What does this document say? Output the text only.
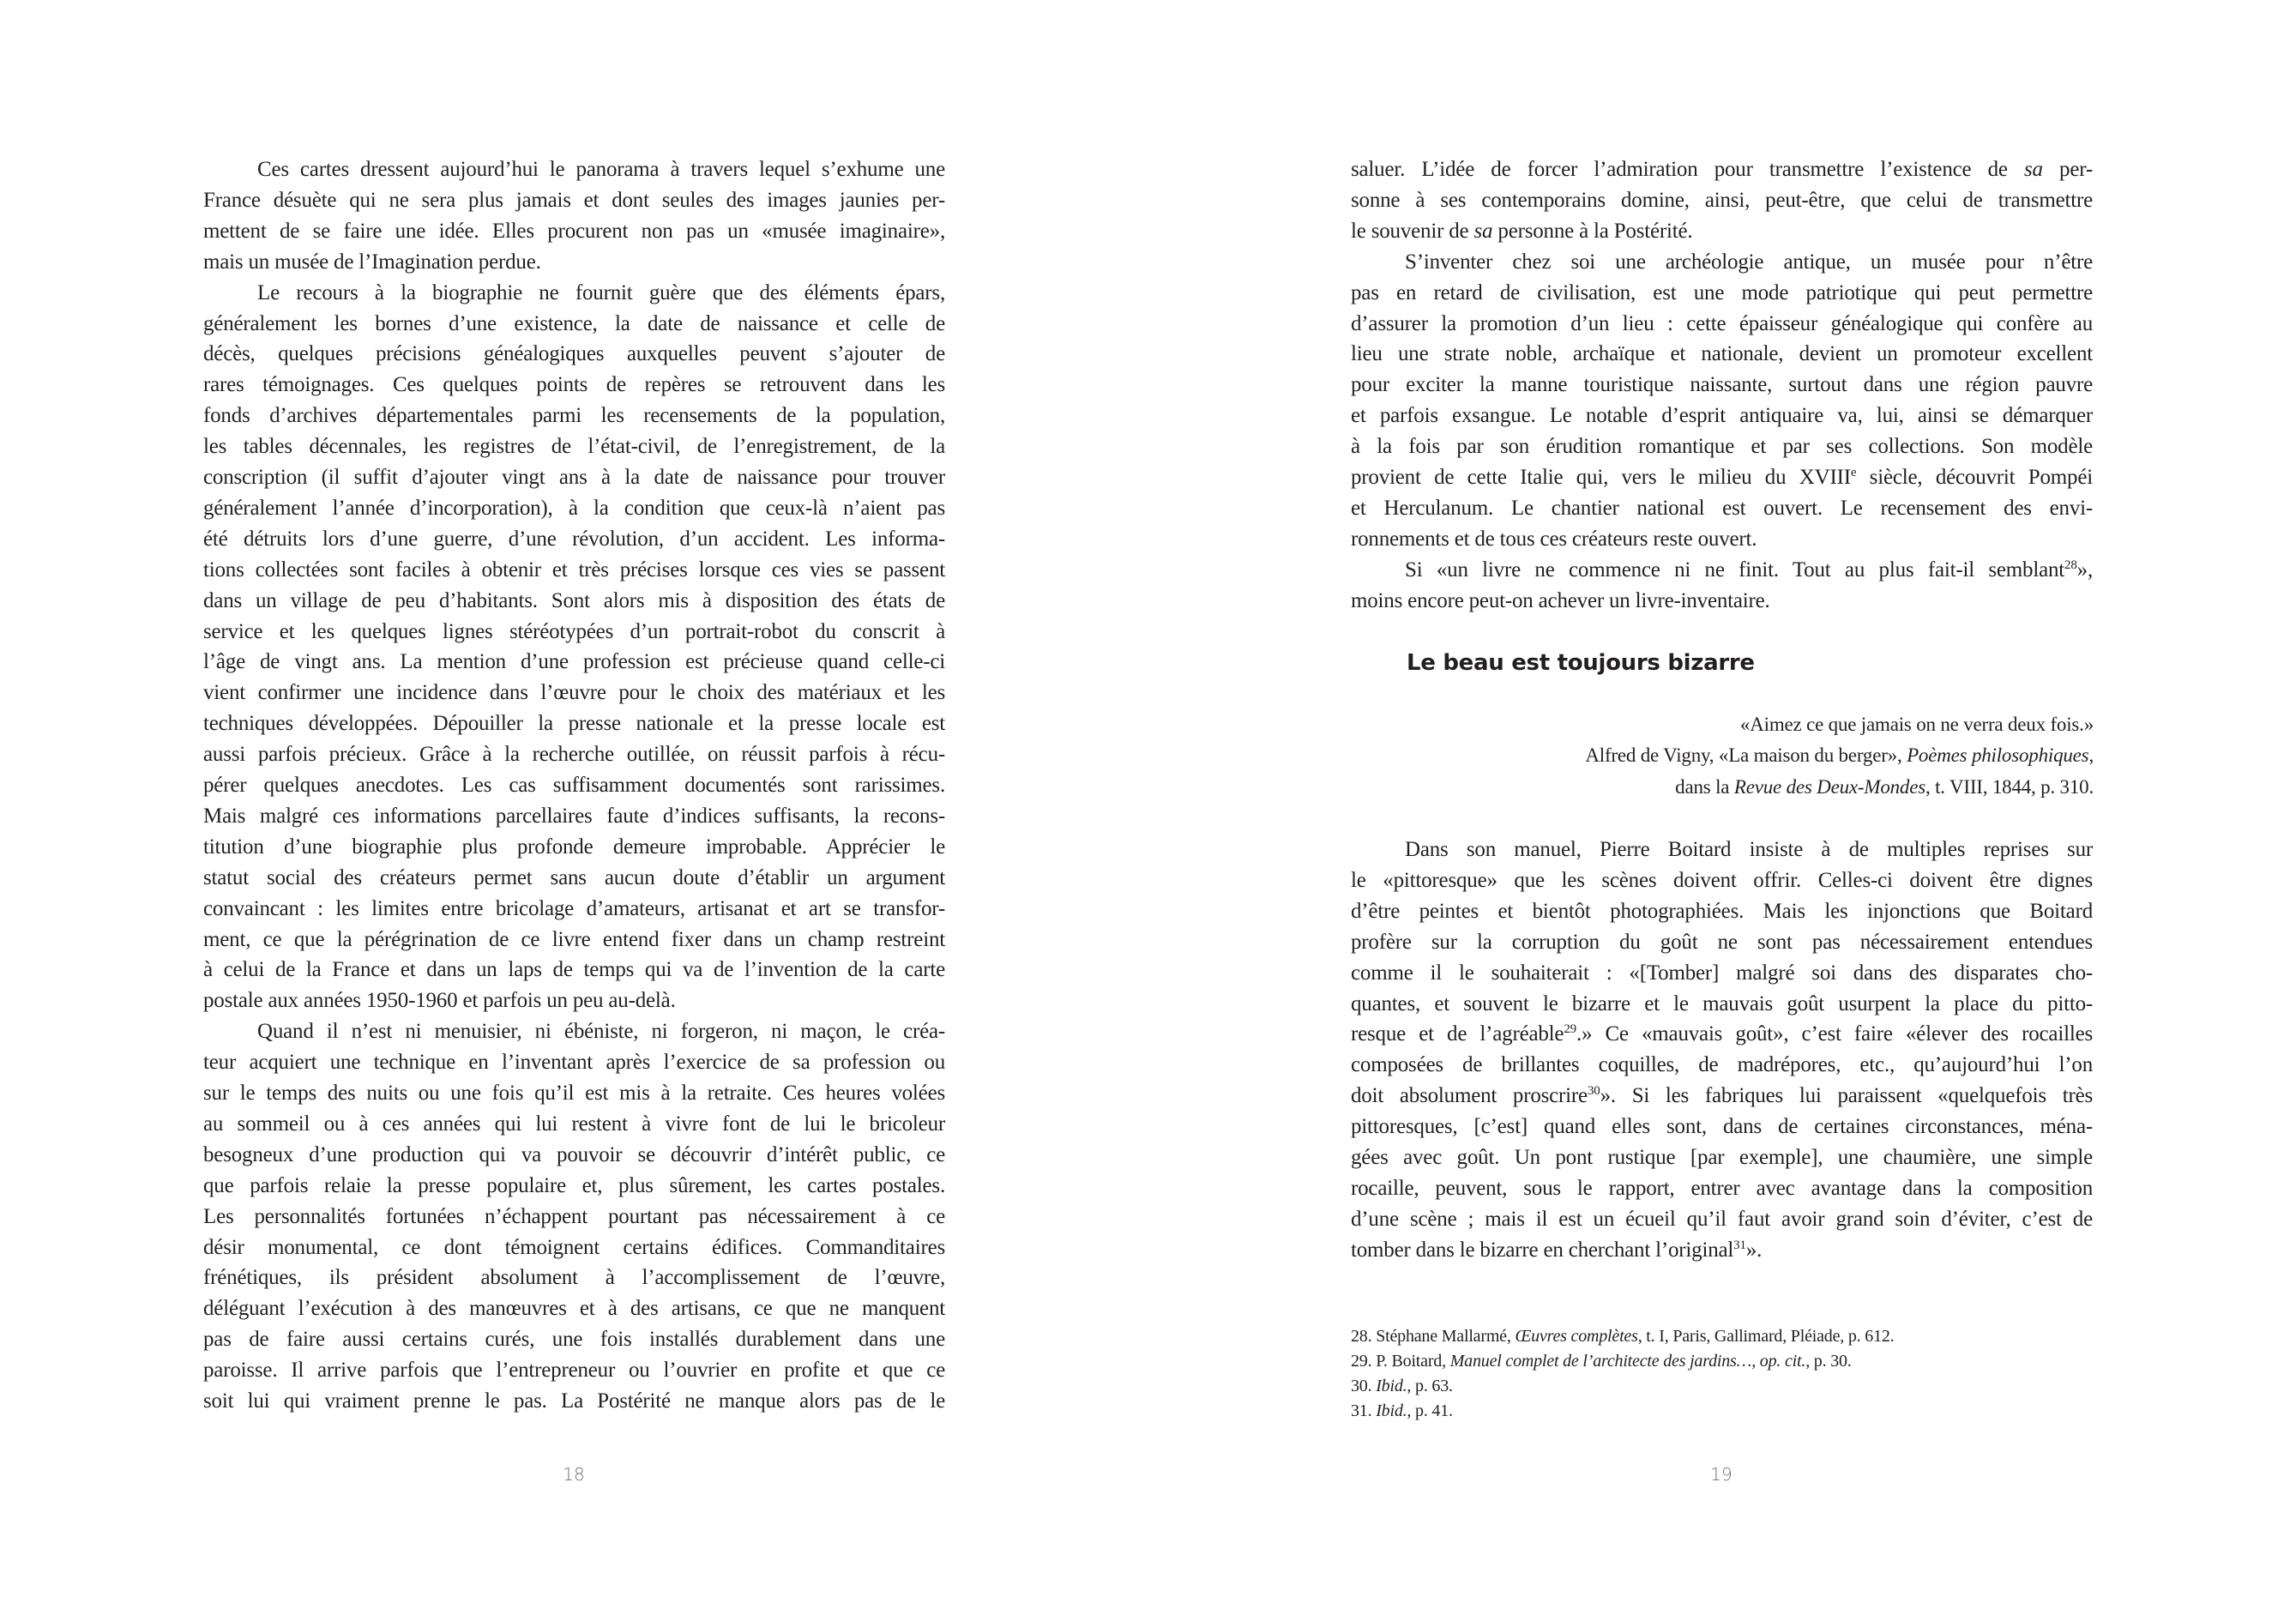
Ces cartes dressent aujourd’hui le panorama à travers lequel s’exhume une
France désuète qui ne sera plus jamais et dont seules des images jaunies per-
mettent de se faire une idée. Elles procurent non pas un «musée imaginaire»,
mais un musée de l’Imagination perdue.
Le recours à la biographie ne fournit guère que des éléments épars,
généralement les bornes d’une existence, la date de naissance et celle de
décès, quelques précisions généalogiques auxquelles peuvent s’ajouter de
rares témoignages. Ces quelques points de repères se retrouvent dans les
fonds d’archives départementales parmi les recensements de la population,
les tables décennales, les registres de l’état-civil, de l’enregistrement, de la
conscription (il suffit d’ajouter vingt ans à la date de naissance pour trouver
généralement l’année d’incorporation), à la condition que ceux-là n’aient pas
été détruits lors d’une guerre, d’une révolution, d’un accident. Les informa-
tions collectées sont faciles à obtenir et très précises lorsque ces vies se passent
dans un village de peu d’habitants. Sont alors mis à disposition des états de
service et les quelques lignes stéréotypées d’un portrait-robot du conscrit à
l’âge de vingt ans. La mention d’une profession est précieuse quand celle-ci
vient confirmer une incidence dans l’œuvre pour le choix des matériaux et les
techniques développées. Dépouiller la presse nationale et la presse locale est
aussi parfois précieux. Grâce à la recherche outillée, on réussit parfois à récu-
pérer quelques anecdotes. Les cas suffisamment documentés sont rarissimes.
Mais malgré ces informations parcellaires faute d’indices suffisants, la recons-
titution d’une biographie plus profonde demeure improbable. Apprécier le
statut social des créateurs permet sans aucun doute d’établir un argument
convaincant : les limites entre bricolage d’amateurs, artisanat et art se transfor-
ment, ce que la pérégrination de ce livre entend fixer dans un champ restreint
à celui de la France et dans un laps de temps qui va de l’invention de la carte
postale aux années 1950-1960 et parfois un peu au-delà.
Quand il n’est ni menuisier, ni ébéniste, ni forgeron, ni maçon, le créa-
teur acquiert une technique en l’inventant après l’exercice de sa profession ou
sur le temps des nuits ou une fois qu’il est mis à la retraite. Ces heures volées
au sommeil ou à ces années qui lui restent à vivre font de lui le bricoleur
besogneux d’une production qui va pouvoir se découvrir d’intérêt public, ce
que parfois relaie la presse populaire et, plus sûrement, les cartes postales.
Les personnalités fortunées n’échappent pourtant pas nécessairement à ce
désir monumental, ce dont témoignent certains édifices. Commanditaires
frénétiques, ils président absolument à l’accomplissement de l’œuvre,
déléguant l’exécution à des manœuvres et à des artisans, ce que ne manquent
pas de faire aussi certains curés, une fois installés durablement dans une
paroisse. Il arrive parfois que l’entrepreneur ou l’ouvrier en profite et que ce
soit lui qui vraiment prenne le pas. La Postérité ne manque alors pas de le
18
saluer. L’idée de forcer l’admiration pour transmettre l’existence de sa per-
sonne à ses contemporains domine, ainsi, peut-être, que celui de transmettre
le souvenir de sa personne à la Postérité.
S’inventer chez soi une archéologie antique, un musée pour n’être
pas en retard de civilisation, est une mode patriotique qui peut permettre
d’assurer la promotion d’un lieu : cette épaisseur généalogique qui confère au
lieu une strate noble, archaïque et nationale, devient un promoteur excellent
pour exciter la manne touristique naissante, surtout dans une région pauvre
et parfois exsangue. Le notable d’esprit antiquaire va, lui, ainsi se démarquer
à la fois par son érudition romantique et par ses collections. Son modèle
provient de cette Italie qui, vers le milieu du XVIIIe siècle, découvrit Pompéi
et Herculanum. Le chantier national est ouvert. Le recensement des envi-
ronnements et de tous ces créateurs reste ouvert.
Si «un livre ne commence ni ne finit. Tout au plus fait-il semblant$^{28}$»,
moins encore peut-on achever un livre-inventaire.
Le beau est toujours bizarre
«Aimez ce que jamais on ne verra deux fois.»
Alfred de Vigny, «La maison du berger», Poèmes philosophiques,
dans la Revue des Deux-Mondes, t. VIII, 1844, p. 310.
Dans son manuel, Pierre Boitard insiste à de multiples reprises sur
le «pittoresque» que les scènes doivent offrir. Celles-ci doivent être dignes
d’être peintes et bientôt photographiées. Mais les injonctions que Boitard
profère sur la corruption du goût ne sont pas nécessairement entendues
comme il le souhaiterait : «[Tomber] malgré soi dans des disparates cho-
quantes, et souvent le bizarre et le mauvais goût usurpent la place du pitto-
resque et de l’agréable$^{29}$.» Ce «mauvais goût», c’est faire «élever des rocailles
composées de brillantes coquilles, de madrépores, etc., qu’aujourd’hui l’on
doit absolument proscrire$^{30}$». Si les fabriques lui paraissent «quelquefois très
pittoresques, [c’est] quand elles sont, dans de certaines circonstances, ména-
gées avec goût. Un pont rustique [par exemple], une chaumière, une simple
rocaille, peuvent, sous le rapport, entrer avec avantage dans la composition
d’une scène ; mais il est un écueil qu’il faut avoir grand soin d’éviter, c’est de
tomber dans le bizarre en cherchant l’original$^{31}$».
28. Stéphane Mallarmé, Œuvres complètes, t. I, Paris, Gallimard, Pléiade, p. 612.
29. P. Boitard, Manuel complet de l’architecte des jardins…, op. cit., p. 30.
30. Ibid., p. 63.
31. Ibid., p. 41.
19
